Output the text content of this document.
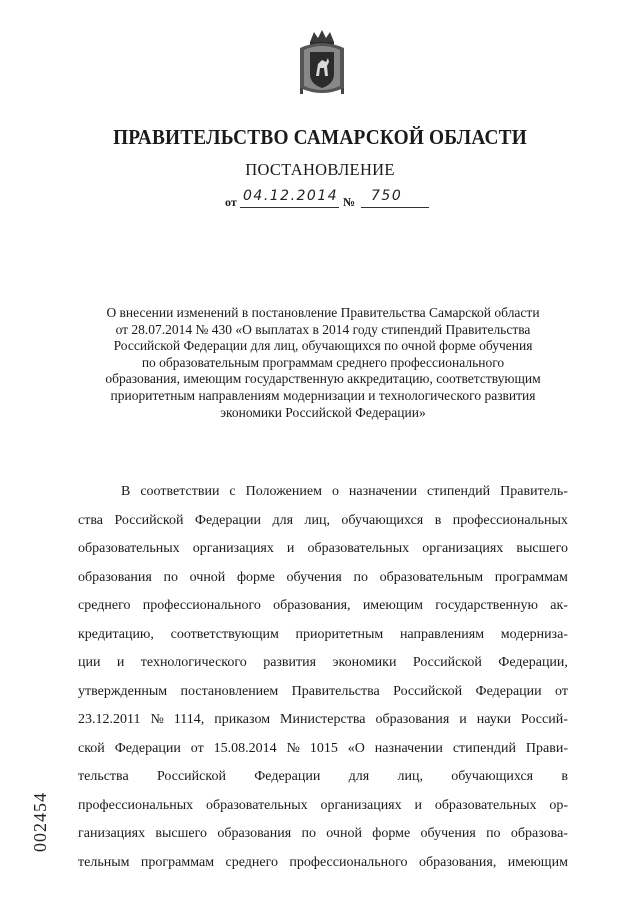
ПРАВИТЕЛЬСТВО САМАРСКОЙ ОБЛАСТИ
ПОСТАНОВЛЕНИЕ
от 04.12.2014 № 750
О внесении изменений в постановление Правительства Самарской области
от 28.07.2014 № 430 «О выплатах в 2014 году стипендий Правительства
Российской Федерации для лиц, обучающихся по очной форме обучения
по образовательным программам среднего профессионального
образования, имеющим государственную аккредитацию, соответствующим
приоритетным направлениям модернизации и технологического развития
экономики Российской Федерации»
В соответствии с Положением о назначении стипендий Правитель-
ства Российской Федерации для лиц, обучающихся в профессиональных
образовательных организациях и образовательных организациях высшего
образования по очной форме обучения по образовательным программам
среднего профессионального образования, имеющим государственную ак-
кредитацию, соответствующим приоритетным направлениям модерниза-
ции и технологического развития экономики Российской Федерации,
утвержденным постановлением Правительства Российской Федерации от
23.12.2011 № 1114, приказом Министерства образования и науки Россий-
ской Федерации от 15.08.2014 № 1015 «О назначении стипендий Прави-
тельства Российской Федерации для лиц, обучающихся в
профессиональных образовательных организациях и образовательных ор-
ганизациях высшего образования по очной форме обучения по образова-
тельным программам среднего профессионального образования, имеющим
002454
